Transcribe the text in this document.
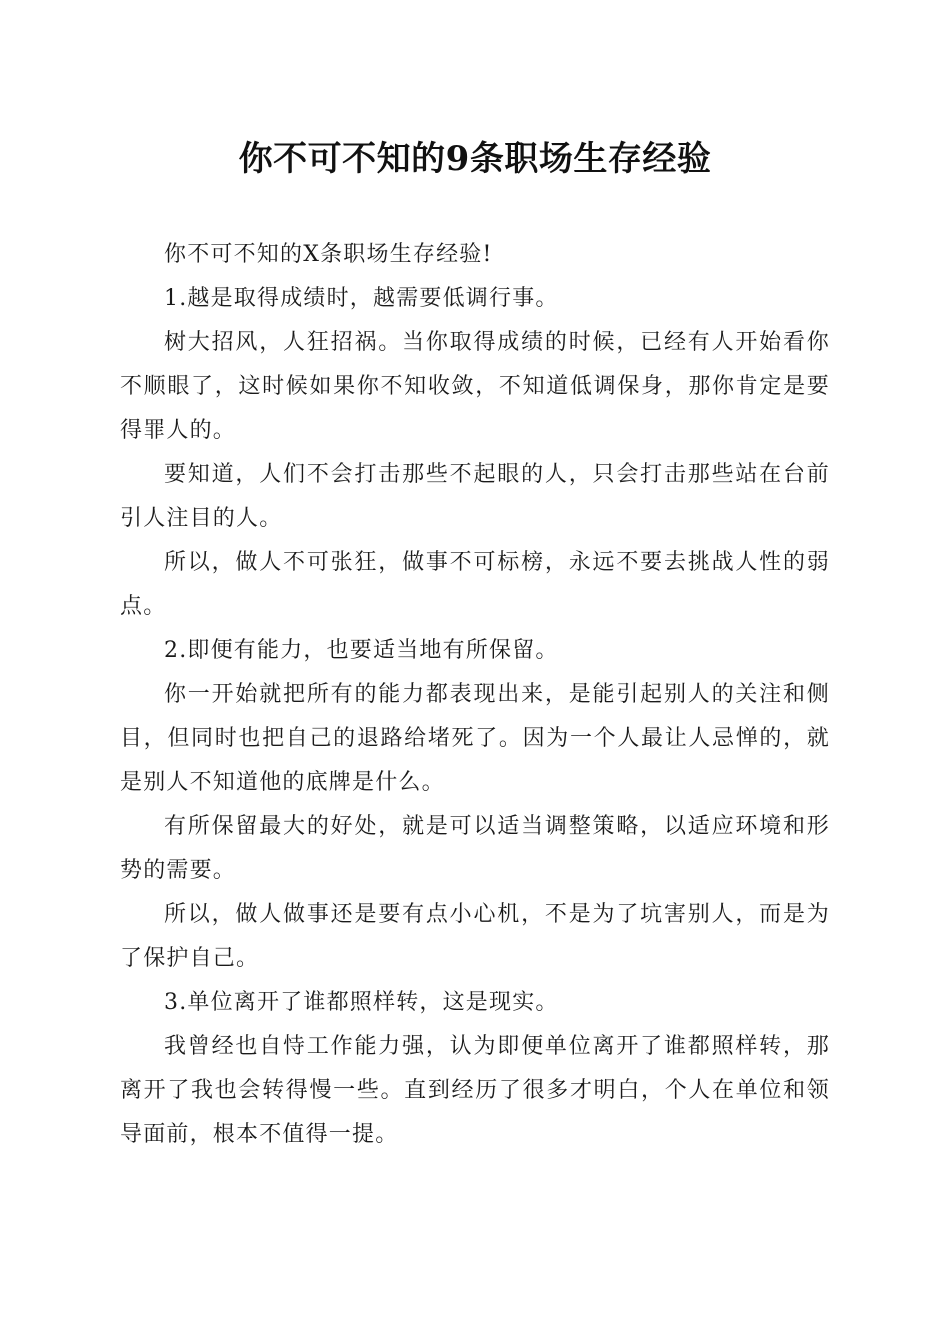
你不可不知的9条职场生存经验

你不可不知的X条职场生存经验!

1.越是取得成绩时，越需要低调行事。

树大招风，人狂招祸。当你取得成绩的时候，已经有人开始看你不顺眼了，这时候如果你不知收敛，不知道低调保身，那你肯定是要得罪人的。

要知道，人们不会打击那些不起眼的人，只会打击那些站在台前引人注目的人。

所以，做人不可张狂，做事不可标榜，永远不要去挑战人性的弱点。

2.即便有能力，也要适当地有所保留。

你一开始就把所有的能力都表现出来，是能引起别人的关注和侧目，但同时也把自己的退路给堵死了。因为一个人最让人忌惮的，就是别人不知道他的底牌是什么。

有所保留最大的好处，就是可以适当调整策略，以适应环境和形势的需要。

所以，做人做事还是要有点小心机，不是为了坑害别人，而是为了保护自己。

3.单位离开了谁都照样转，这是现实。

我曾经也自恃工作能力强，认为即便单位离开了谁都照样转，那离开了我也会转得慢一些。直到经历了很多才明白，个人在单位和领导面前，根本不值得一提。
